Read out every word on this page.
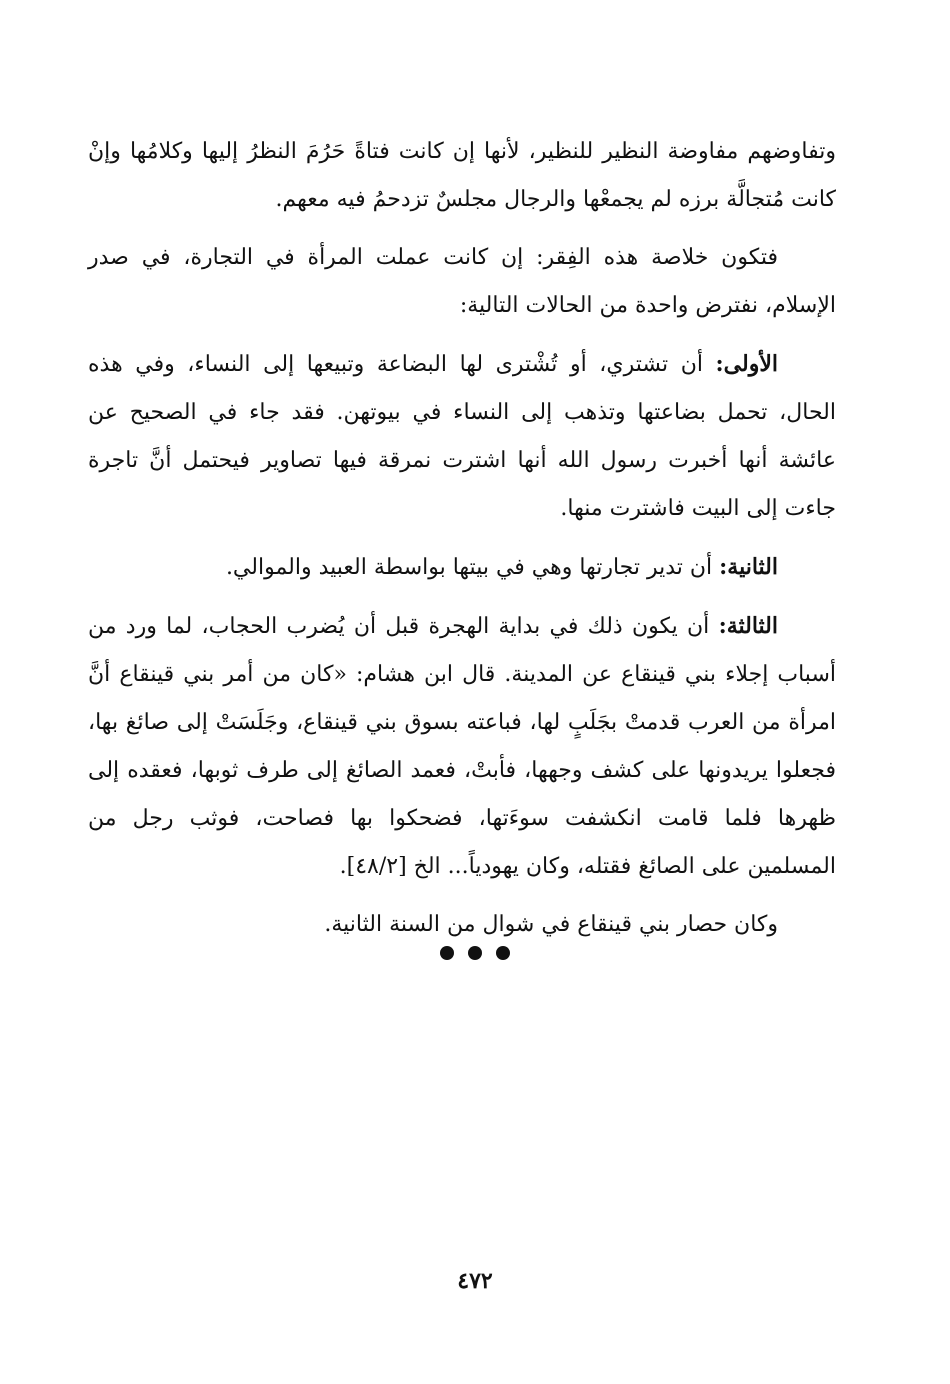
وتفاوضهم مفاوضة النظير للنظير، لأنها إن كانت فتاةً حَرُمَ النظرُ إليها وكلامُها وإنْ كانت مُتجالَّة برزه لم يجمعْها والرجال مجلسٌ تزدحمُ فيه معهم.

فتكون خلاصة هذه الفِقر: إن كانت عملت المرأة في التجارة، في صدر الإسلام، نفترض واحدة من الحالات التالية:

الأولى: أن تشتري، أو تُشْترى لها البضاعة وتبيعها إلى النساء، وفي هذه الحال، تحمل بضاعتها وتذهب إلى النساء في بيوتهن. فقد جاء في الصحيح عن عائشة أنها أخبرت رسول الله أنها اشترت نمرقة فيها تصاوير فيحتمل أنَّ تاجرة جاءت إلى البيت فاشترت منها.

الثانية: أن تدير تجارتها وهي في بيتها بواسطة العبيد والموالي.

الثالثة: أن يكون ذلك في بداية الهجرة قبل أن يُضرب الحجاب، لما ورد من أسباب إجلاء بني قينقاع عن المدينة. قال ابن هشام: «كان من أمر بني قينقاع أنَّ امرأة من العرب قدمتْ بجَلَبٍ لها، فباعته بسوق بني قينقاع، وجَلَسَتْ إلى صائغ بها، فجعلوا يريدونها على كشف وجهها، فأبتْ، فعمد الصائغ إلى طرف ثوبها، فعقده إلى ظهرها فلما قامت انكشفت سوءَتها، فضحكوا بها فصاحت، فوثب رجل من المسلمين على الصائغ فقتله، وكان يهودياً... الخ [٤٨/٢].

وكان حصار بني قينقاع في شوال من السنة الثانية.

٤٧٢
